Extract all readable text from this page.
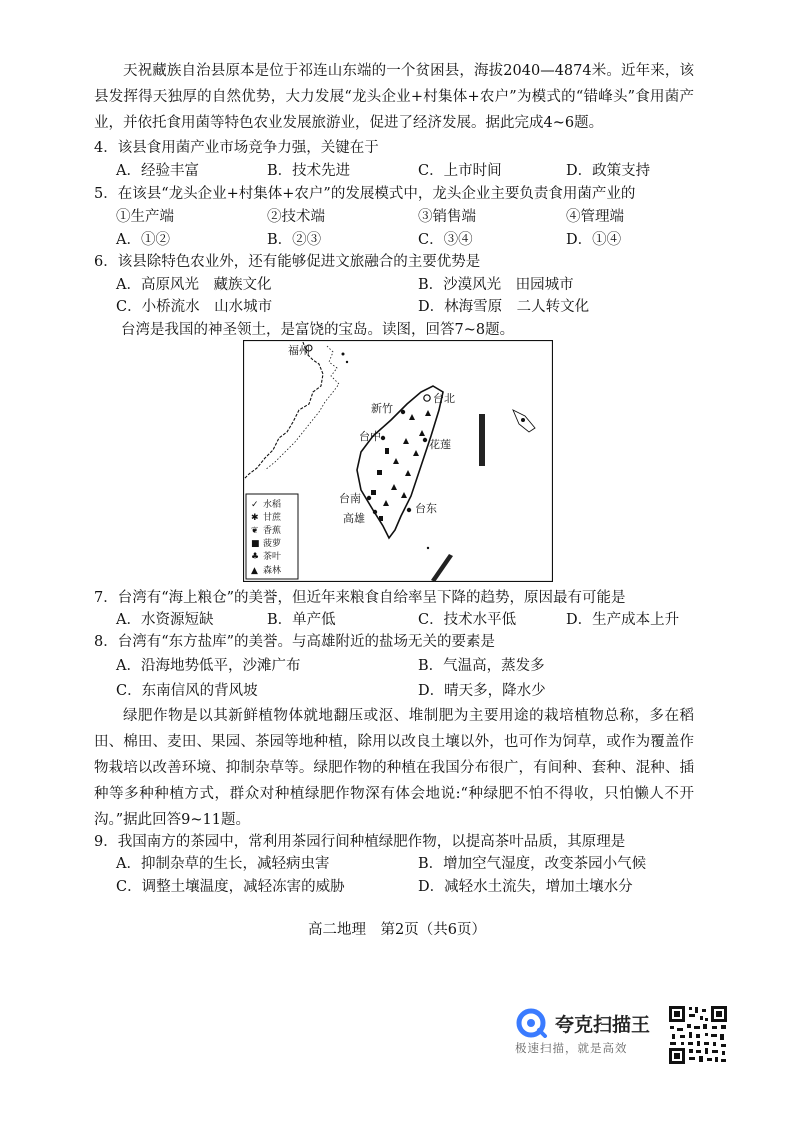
天祝藏族自治县原本是位于祁连山东端的一个贫困县，海拔2040—4874米。近年来，该县发挥得天独厚的自然优势，大力发展“龙头企业+村集体+农户”为模式的“错峰头”食用菌产业，并依托食用菌等特色农业发展旅游业，促进了经济发展。据此完成4~6题。
4．该县食用菌产业市场竞争力强，关键在于
A．经验丰富	B．技术先进	C．上市时间	D．政策支持
5．在该县“龙头企业+村集体+农户”的发展模式中，龙头企业主要负责食用菌产业的
①生产端	②技术端	③销售端	④管理端
A．①②	B．②③	C．③④	D．①④
6．该县除特色农业外，还有能够促进文旅融合的主要优势是
A．高原风光　藏族文化	B．沙漠风光　田园城市
C．小桥流水　山水城市	D．林海雪原　二人转文化
台湾是我国的神圣领土，是富饶的宝岛。读图，回答7~8题。
福州
台北
新竹
台中
花莲
台南
高雄
台东
✓ 水稻
✱ 甘蔗
❦ 香蕉
■ 菠萝
♣ 茶叶
▲ 森林
7．台湾有“海上粮仓”的美誉，但近年来粮食自给率呈下降的趋势，原因最有可能是
A．水资源短缺	B．单产低	C．技术水平低	D．生产成本上升
8．台湾有“东方盐库”的美誉。与高雄附近的盐场无关的要素是
A．沿海地势低平，沙滩广布	B．气温高，蒸发多
C．东南信风的背风坡	D．晴天多，降水少
绿肥作物是以其新鲜植物体就地翻压或沤、堆制肥为主要用途的栽培植物总称，多在稻田、棉田、麦田、果园、茶园等地种植，除用以改良土壤以外，也可作为饲草，或作为覆盖作物栽培以改善环境、抑制杂草等。绿肥作物的种植在我国分布很广，有间种、套种、混种、插种等多种种植方式，群众对种植绿肥作物深有体会地说:“种绿肥不怕不得收，只怕懒人不开沟。”据此回答9~11题。
9．我国南方的茶园中，常利用茶园行间种植绿肥作物，以提高茶叶品质，其原理是
A．抑制杂草的生长，减轻病虫害	B．增加空气湿度，改变茶园小气候
C．调整土壤温度，减轻冻害的威胁	D．减轻水土流失，增加土壤水分
高二地理　第2页（共6页）
夸克扫描王
极速扫描，就是高效
